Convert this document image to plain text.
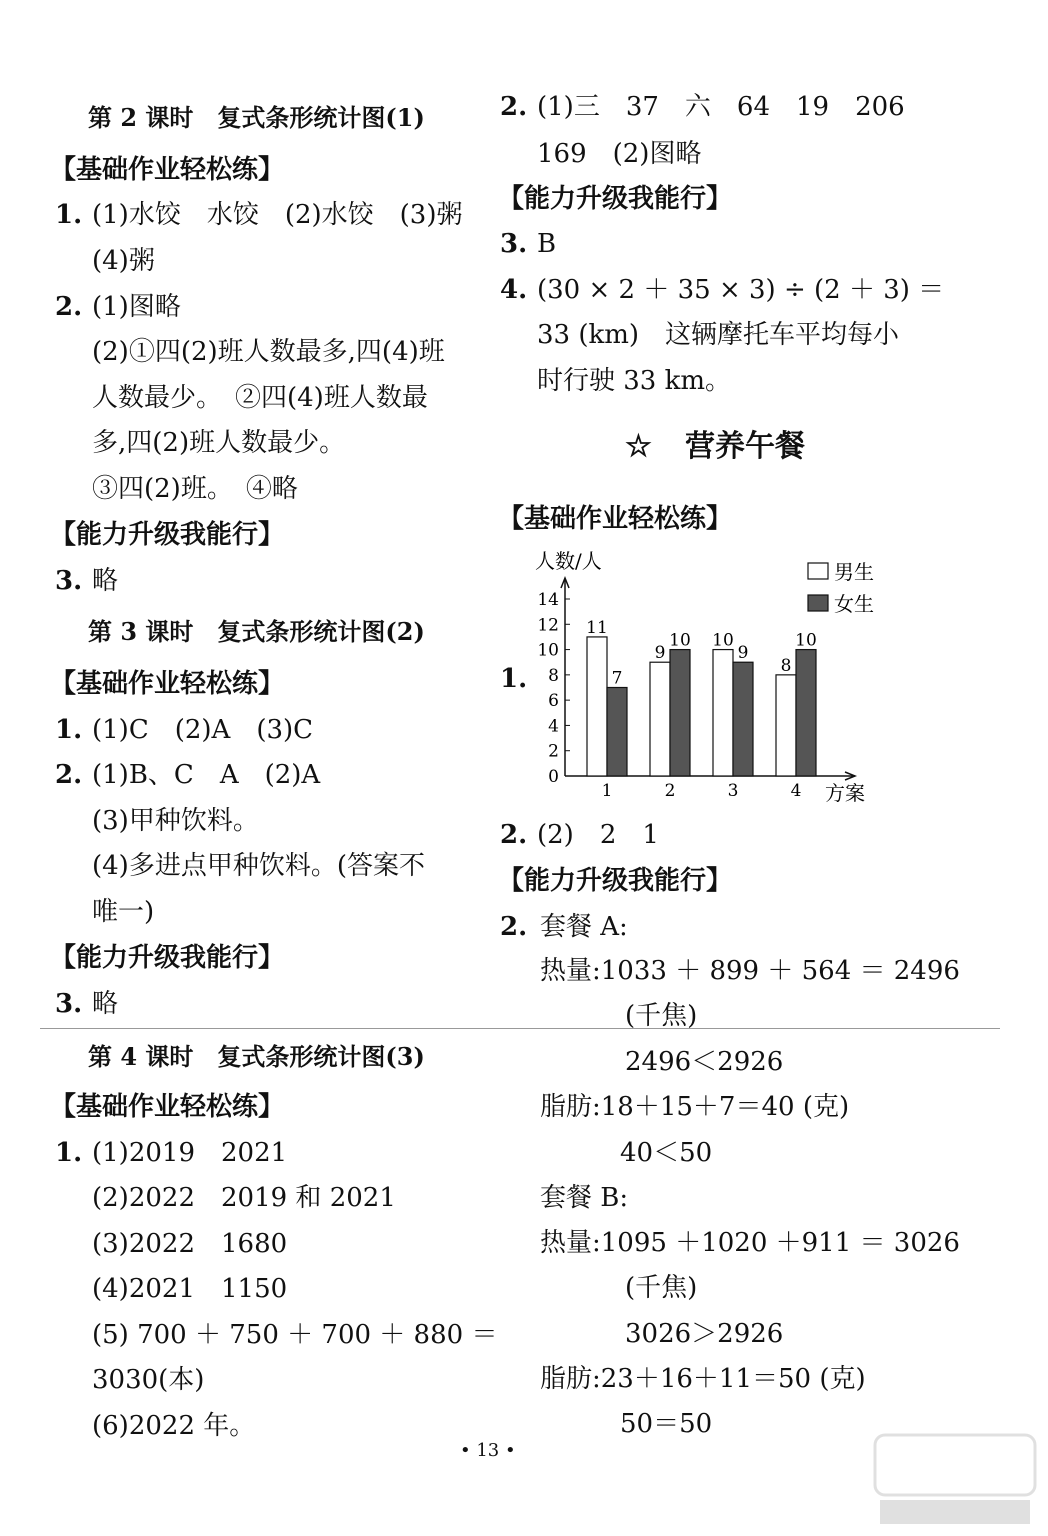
第 2 课时　复式条形统计图(1)
【基础作业轻松练】
1. (1)水饺　水饺　(2)水饺　(3)粥
(4)粥
2. (1)图略
(2)①四(2)班人数最多,四(4)班
人数最少。　②四(4)班人数最
多,四(2)班人数最少。
③四(2)班。　④略
【能力升级我能行】
3. 略
第 3 课时　复式条形统计图(2)
【基础作业轻松练】
1. (1)C　(2)A　(3)C
2. (1)B、C　A　(2)A
(3)甲种饮料。
(4)多进点甲种饮料。(答案不
唯一)
【能力升级我能行】
3. 略
第 4 课时　复式条形统计图(3)
【基础作业轻松练】
1. (1)2019　2021
(2)2022　2019 和 2021
(3)2022　1680
(4)2021　1150
(5) 700 ＋ 750 ＋ 700 ＋ 880 ＝
3030(本)
(6)2022 年。
2. (1)三　37　六　64　19　206
169　(2)图略
【能力升级我能行】
3. B
4. (30 × 2 ＋ 35 × 3) ÷ (2 ＋ 3) ＝
33 (km)　这辆摩托车平均每小
时行驶 33 km。
☆ 营养午餐
【基础作业轻松练】
1.
人数/人
方案
0
2
4
6
8
10
12
14
11
7
1
9
10
2
10
9
3
8
10
4
男生
女生
2. (2)　2　1
【能力升级我能行】
2. 套餐 A:
热量:1033 ＋ 899 ＋ 564 ＝ 2496
(千焦)
2496＜2926
脂肪:18＋15＋7＝40 (克)
40＜50
套餐 B:
热量:1095 ＋1020 ＋911 ＝ 3026
(千焦)
3026＞2926
脂肪:23＋16＋11＝50 (克)
50＝50
• 13 •
